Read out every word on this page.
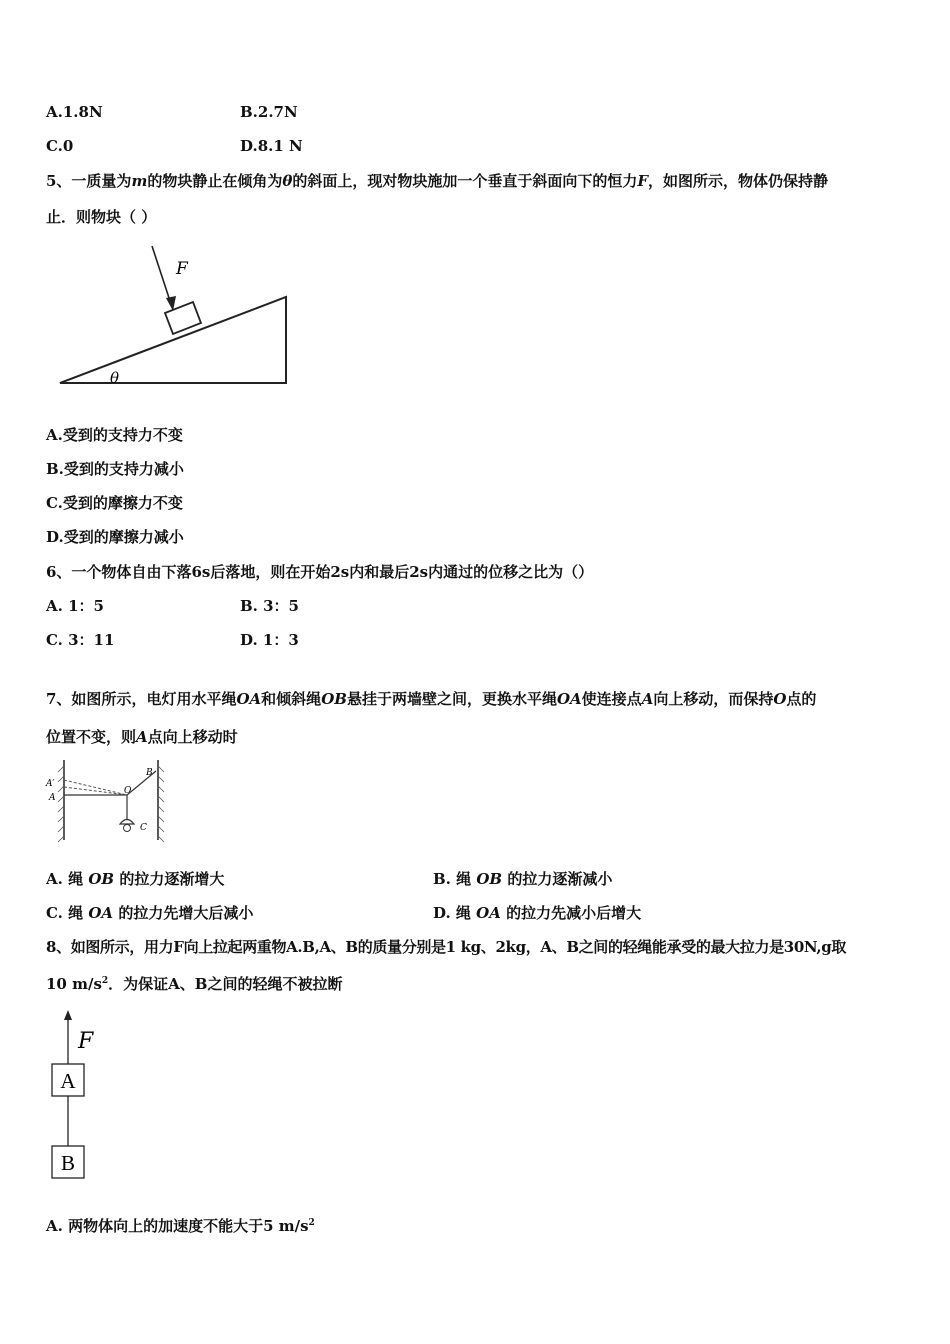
A.1.8N	B.2.7N
C.0	D.8.1 N
5、一质量为m的物块静止在倾角为θ的斜面上，现对物块施加一个垂直于斜面向下的恒力F，如图所示，物体仍保持静
止．则物块（ ）
F
θ
A.受到的支持力不变
B.受到的支持力减小
C.受到的摩擦力不变
D.受到的摩擦力减小
6、一个物体自由下落6s后落地，则在开始2s内和最后2s内通过的位移之比为（）
A. 1：5	B. 3：5
C. 3：11	D. 1：3
7、如图所示，电灯用水平绳OA和倾斜绳OB悬挂于两墙壁之间，更换水平绳OA使连接点A向上移动，而保持O点的
位置不变，则A点向上移动时
A′
A
B
O
C
A. 绳 OB 的拉力逐渐增大	B. 绳 OB 的拉力逐渐减小
C. 绳 OA 的拉力先增大后减小	D. 绳 OA 的拉力先减小后增大
8、如图所示，用力F向上拉起两重物A.B,A、B的质量分别是1 kg、2kg，A、B之间的轻绳能承受的最大拉力是30N,g取
10 $m/s^2$．为保证A、B之间的轻绳不被拉断
F
A
B
A. 两物体向上的加速度不能大于5 $m/s^2$
